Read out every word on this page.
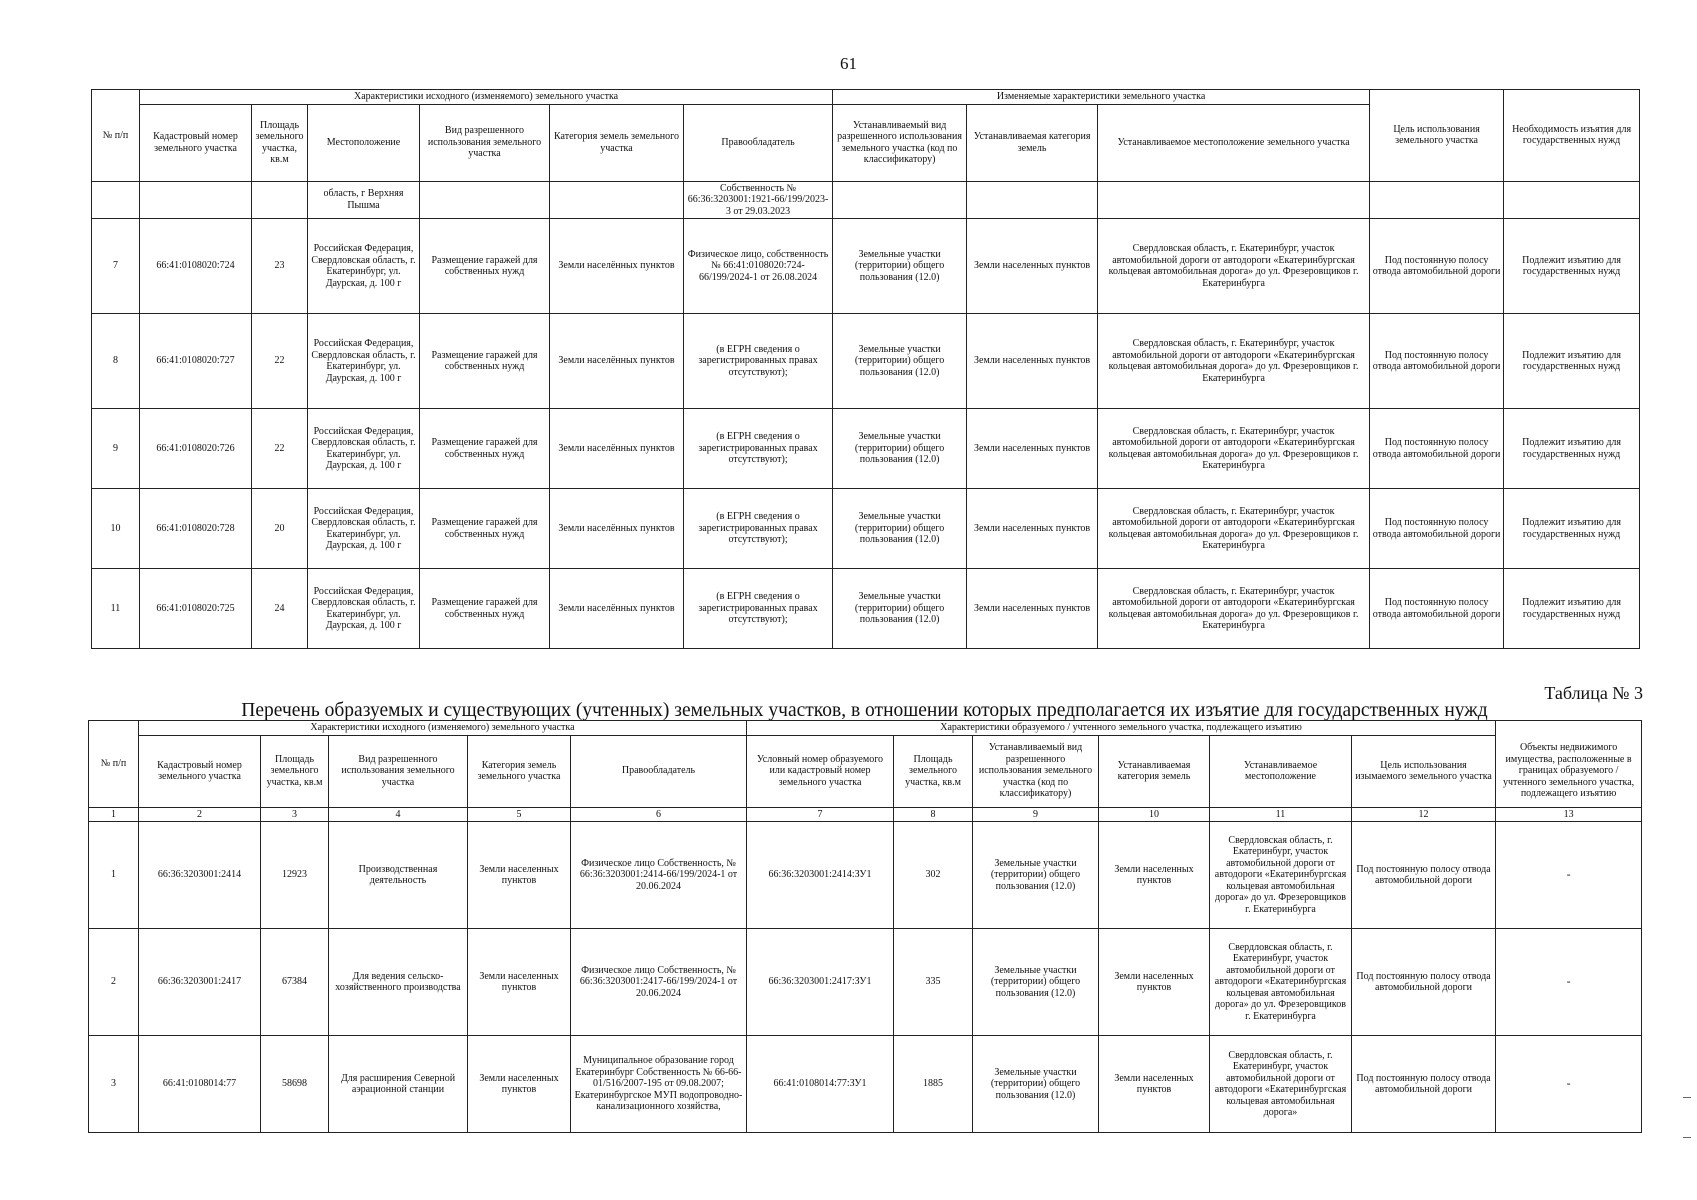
61
№ п/п	Характеристики исходного (изменяемого) земельного участка						Изменяемые характеристики земельного участка			Цель использования земельного участка	Необходимость изъятия для государственных нужд
	Кадастровый номер земельного участка	Площадь земельного участка, кв.м	Местоположение	Вид разрешенного использования земельного участка	Категория земель земельного участка	Правообладатель	Устанавливаемый вид разрешенного использования земельного участка (код по классификатору)	Устанавливаемая категория земель	Устанавливаемое местоположение земельного участка		
			область, г Верхняя Пышма			Собственность № 66:36:3203001:1921-66/199/2023-3 от 29.03.2023					
7	66:41:0108020:724	23	Российская Федерация, Свердловская область, г. Екатеринбург, ул. Даурская, д. 100 г	Размещение гаражей для собственных нужд	Земли населённых пунктов	Физическое лицо, собственность № 66:41:0108020:724-66/199/2024-1 от 26.08.2024	Земельные участки (территории) общего пользования (12.0)	Земли населенных пунктов	Свердловская область, г. Екатеринбург, участок автомобильной дороги от автодороги «Екатеринбургская кольцевая автомобильная дорога» до ул. Фрезеровщиков г. Екатеринбурга	Под постоянную полосу отвода автомобильной дороги	Подлежит изъятию для государственных нужд
8	66:41:0108020:727	22	Российская Федерация, Свердловская область, г. Екатеринбург, ул. Даурская, д. 100 г	Размещение гаражей для собственных нужд	Земли населённых пунктов	(в ЕГРН сведения о зарегистрированных правах отсутствуют);	Земельные участки (территории) общего пользования (12.0)	Земли населенных пунктов	Свердловская область, г. Екатеринбург, участок автомобильной дороги от автодороги «Екатеринбургская кольцевая автомобильная дорога» до ул. Фрезеровщиков г. Екатеринбурга	Под постоянную полосу отвода автомобильной дороги	Подлежит изъятию для государственных нужд
9	66:41:0108020:726	22	Российская Федерация, Свердловская область, г. Екатеринбург, ул. Даурская, д. 100 г	Размещение гаражей для собственных нужд	Земли населённых пунктов	(в ЕГРН сведения о зарегистрированных правах отсутствуют);	Земельные участки (территории) общего пользования (12.0)	Земли населенных пунктов	Свердловская область, г. Екатеринбург, участок автомобильной дороги от автодороги «Екатеринбургская кольцевая автомобильная дорога» до ул. Фрезеровщиков г. Екатеринбурга	Под постоянную полосу отвода автомобильной дороги	Подлежит изъятию для государственных нужд
10	66:41:0108020:728	20	Российская Федерация, Свердловская область, г. Екатеринбург, ул. Даурская, д. 100 г	Размещение гаражей для собственных нужд	Земли населённых пунктов	(в ЕГРН сведения о зарегистрированных правах отсутствуют);	Земельные участки (территории) общего пользования (12.0)	Земли населенных пунктов	Свердловская область, г. Екатеринбург, участок автомобильной дороги от автодороги «Екатеринбургская кольцевая автомобильная дорога» до ул. Фрезеровщиков г. Екатеринбурга	Под постоянную полосу отвода автомобильной дороги	Подлежит изъятию для государственных нужд
11	66:41:0108020:725	24	Российская Федерация, Свердловская область, г. Екатеринбург, ул. Даурская, д. 100 г	Размещение гаражей для собственных нужд	Земли населённых пунктов	(в ЕГРН сведения о зарегистрированных правах отсутствуют);	Земельные участки (территории) общего пользования (12.0)	Земли населенных пунктов	Свердловская область, г. Екатеринбург, участок автомобильной дороги от автодороги «Екатеринбургская кольцевая автомобильная дорога» до ул. Фрезеровщиков г. Екатеринбурга	Под постоянную полосу отвода автомобильной дороги	Подлежит изъятию для государственных нужд
Таблица № 3
Перечень образуемых и существующих (учтенных) земельных участков, в отношении которых предполагается их изъятие для государственных нужд
№ п/п	Характеристики исходного (изменяемого) земельного участка					Характеристики образуемого / учтенного земельного участка, подлежащего изъятию						
	Кадастровый номер земельного участка	Площадь земельного участка, кв.м	Вид разрешенного использования земельного участка	Категория земель земельного участка	Правообладатель	Условный номер образуемого или кадастровый номер земельного участка	Площадь земельного участка, кв.м	Устанавливаемый вид разрешенного использования земельного участка (код по классификатору)	Устанавливаемая категория земель	Устанавливаемое местоположение	Цель использования изымаемого земельного участка	Объекты недвижимого имущества, расположенные в границах образуемого / учтенного земельного участка, подлежащего изъятию
1	2	3	4	5	6	7	8	9	10	11	12	13
1	66:36:3203001:2414	12923	Производственная деятельность	Земли населенных пунктов	Физическое лицо Собственность, № 66:36:3203001:2414-66/199/2024-1 от 20.06.2024	66:36:3203001:2414:ЗУ1	302	Земельные участки (территории) общего пользования (12.0)	Земли населенных пунктов	Свердловская область, г. Екатеринбург, участок автомобильной дороги от автодороги «Екатеринбургская кольцевая автомобильная дорога» до ул. Фрезеровщиков г. Екатеринбурга	Под постоянную полосу отвода автомобильной дороги	-
2	66:36:3203001:2417	67384	Для ведения сельско-хозяйственного производства	Земли населенных пунктов	Физическое лицо Собственность, № 66:36:3203001:2417-66/199/2024-1 от 20.06.2024	66:36:3203001:2417:ЗУ1	335	Земельные участки (территории) общего пользования (12.0)	Земли населенных пунктов	Свердловская область, г. Екатеринбург, участок автомобильной дороги от автодороги «Екатеринбургская кольцевая автомобильная дорога» до ул. Фрезеровщиков г. Екатеринбурга	Под постоянную полосу отвода автомобильной дороги	-
3	66:41:0108014:77	58698	Для расширения Северной аэрационной станции	Земли населенных пунктов	Муниципальное образование город Екатеринбург Собственность № 66-66-01/516/2007-195 от 09.08.2007; Екатеринбургское МУП водопроводно-канализационного хозяйства,	66:41:0108014:77:ЗУ1	1885	Земельные участки (территории) общего пользования (12.0)	Земли населенных пунктов	Свердловская область, г. Екатеринбург, участок автомобильной дороги от автодороги «Екатеринбургская кольцевая автомобильная дорога»	Под постоянную полосу отвода автомобильной дороги	-
